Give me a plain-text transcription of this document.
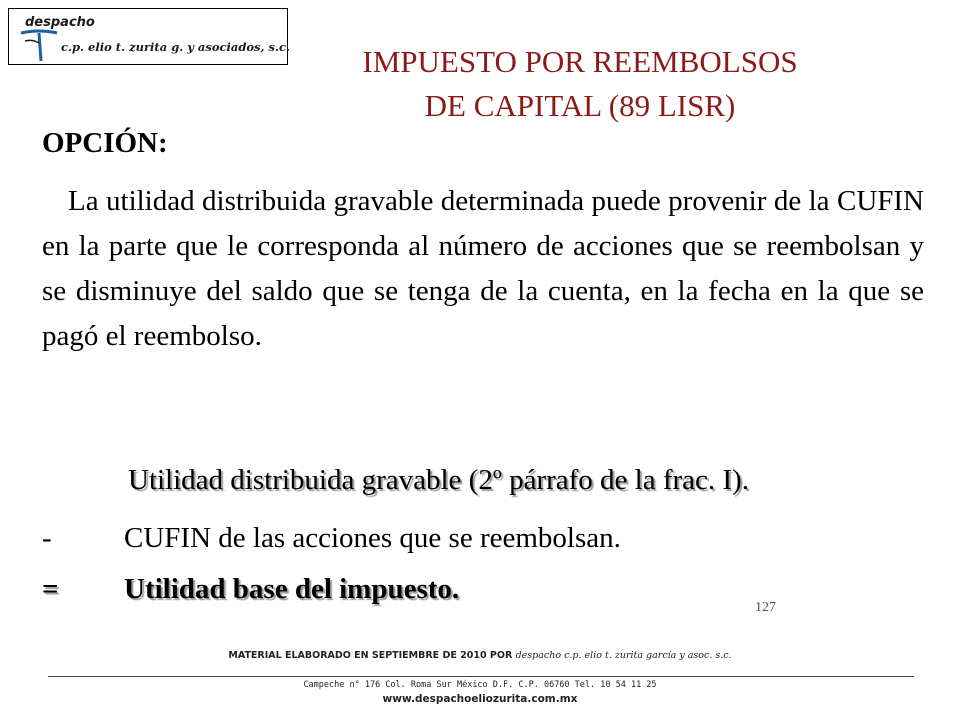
despacho
c.p. elio t. zurita g. y asociados, s.c.	IMPUESTO POR REEMBOLSOS
DE CAPITAL (89 LISR)

OPCIÓN:

La utilidad distribuida gravable determinada puede provenir de la CUFIN en la parte que le corresponda al número de acciones que se reembolsan y se disminuye del saldo que se tenga de la cuenta, en la fecha en la que se pagó el reembolso.

Utilidad distribuida gravable (2º párrafo de la frac. I).

- CUFIN de las acciones que se reembolsan.
= Utilidad base del impuesto.
127
MATERIAL ELABORADO EN SEPTIEMBRE DE 2010 POR despacho c.p. elio t. zurita garcía y asoc. s.c.
Campeche n° 176 Col. Roma Sur México D.F. C.P. 06760 Tel. 10 54 11 25
www.despachoeliozurita.com.mx
